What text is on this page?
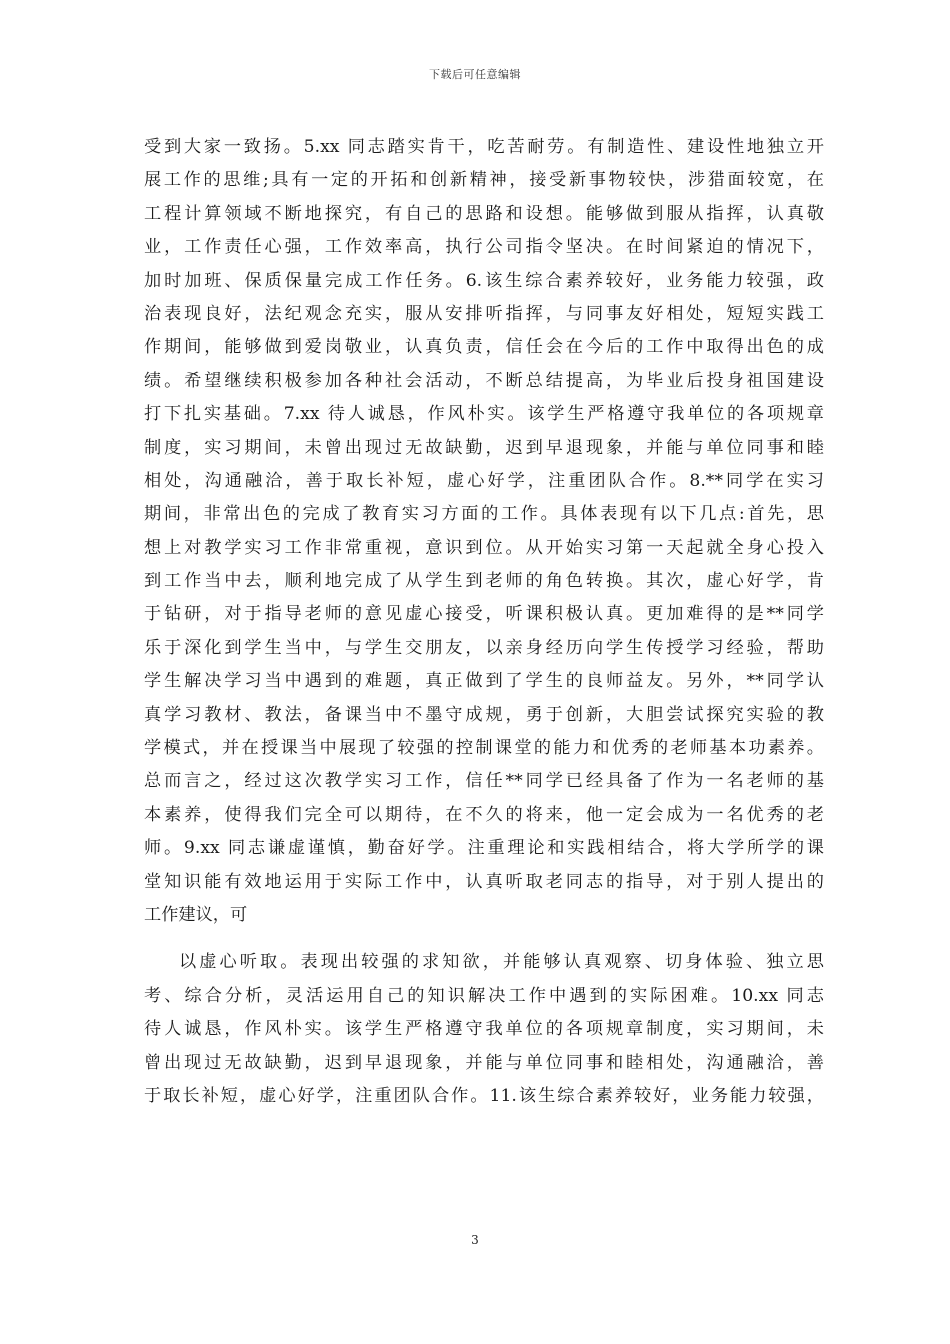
下载后可任意编辑
受到大家一致扬。5.xx 同志踏实肯干，吃苦耐劳。有制造性、建设性地独立开
展工作的思维;具有一定的开拓和创新精神，接受新事物较快，涉猎面较宽，在
工程计算领域不断地探究，有自己的思路和设想。能够做到服从指挥，认真敬
业，工作责任心强，工作效率高，执行公司指令坚决。在时间紧迫的情况下，
加时加班、保质保量完成工作任务。6.该生综合素养较好，业务能力较强，政
治表现良好，法纪观念充实，服从安排听指挥，与同事友好相处，短短实践工
作期间，能够做到爱岗敬业，认真负责，信任会在今后的工作中取得出色的成
绩。希望继续积极参加各种社会活动，不断总结提高，为毕业后投身祖国建设
打下扎实基础。7.xx 待人诚恳，作风朴实。该学生严格遵守我单位的各项规章
制度，实习期间，未曾出现过无故缺勤，迟到早退现象，并能与单位同事和睦
相处，沟通融洽，善于取长补短，虚心好学，注重团队合作。8.**同学在实习
期间，非常出色的完成了教育实习方面的工作。具体表现有以下几点:首先，思
想上对教学实习工作非常重视，意识到位。从开始实习第一天起就全身心投入
到工作当中去，顺利地完成了从学生到老师的角色转换。其次，虚心好学，肯
于钻研，对于指导老师的意见虚心接受，听课积极认真。更加难得的是**同学
乐于深化到学生当中，与学生交朋友，以亲身经历向学生传授学习经验，帮助
学生解决学习当中遇到的难题，真正做到了学生的良师益友。另外，**同学认
真学习教材、教法，备课当中不墨守成规，勇于创新，大胆尝试探究实验的教
学模式，并在授课当中展现了较强的控制课堂的能力和优秀的老师基本功素养。
总而言之，经过这次教学实习工作，信任**同学已经具备了作为一名老师的基
本素养，使得我们完全可以期待，在不久的将来，他一定会成为一名优秀的老
师。9.xx 同志谦虚谨慎，勤奋好学。注重理论和实践相结合，将大学所学的课
堂知识能有效地运用于实际工作中，认真听取老同志的指导，对于别人提出的
工作建议，可
以虚心听取。表现出较强的求知欲，并能够认真观察、切身体验、独立思
考、综合分析，灵活运用自己的知识解决工作中遇到的实际困难。10.xx 同志
待人诚恳，作风朴实。该学生严格遵守我单位的各项规章制度，实习期间，未
曾出现过无故缺勤，迟到早退现象，并能与单位同事和睦相处，沟通融洽，善
于取长补短，虚心好学，注重团队合作。11.该生综合素养较好，业务能力较强，
3
